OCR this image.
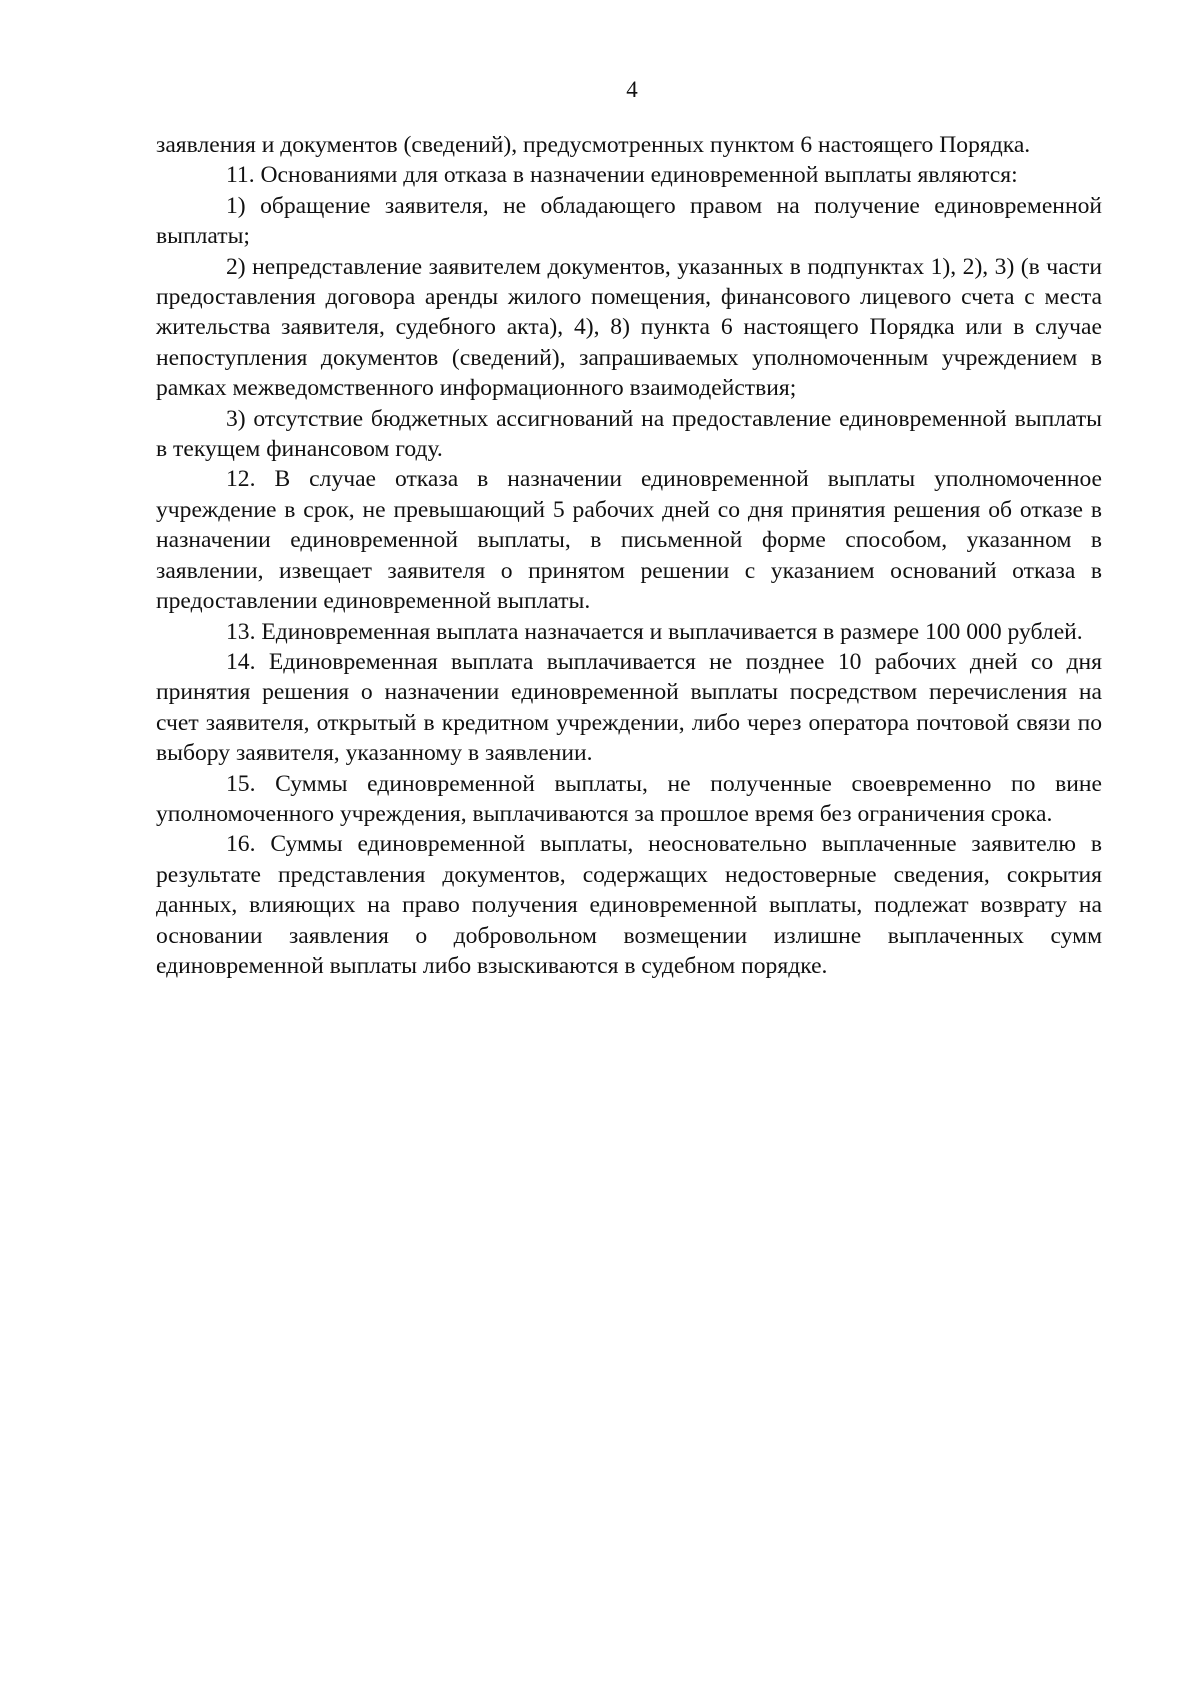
4

заявления и документов (сведений), предусмотренных пунктом 6 настоящего Порядка.

11. Основаниями для отказа в назначении единовременной выплаты являются:

1) обращение заявителя, не обладающего правом на получение единовременной выплаты;

2) непредставление заявителем документов, указанных в подпунктах 1), 2), 3) (в части предоставления договора аренды жилого помещения, финансового лицевого счета с места жительства заявителя, судебного акта), 4), 8) пункта 6 настоящего Порядка или в случае непоступления документов (сведений), запрашиваемых уполномоченным учреждением в рамках межведомственного информационного взаимодействия;

3) отсутствие бюджетных ассигнований на предоставление единовременной выплаты в текущем финансовом году.

12. В случае отказа в назначении единовременной выплаты уполномоченное учреждение в срок, не превышающий 5 рабочих дней со дня принятия решения об отказе в назначении единовременной выплаты, в письменной форме способом, указанном в заявлении, извещает заявителя о принятом решении с указанием оснований отказа в предоставлении единовременной выплаты.

13. Единовременная выплата назначается и выплачивается в размере 100 000 рублей.

14. Единовременная выплата выплачивается не позднее 10 рабочих дней со дня принятия решения о назначении единовременной выплаты посредством перечисления на счет заявителя, открытый в кредитном учреждении, либо через оператора почтовой связи по выбору заявителя, указанному в заявлении.

15. Суммы единовременной выплаты, не полученные своевременно по вине уполномоченного учреждения, выплачиваются за прошлое время без ограничения срока.

16. Суммы единовременной выплаты, неосновательно выплаченные заявителю в результате представления документов, содержащих недостоверные сведения, сокрытия данных, влияющих на право получения единовременной выплаты, подлежат возврату на основании заявления о добровольном возмещении излишне выплаченных сумм единовременной выплаты либо взыскиваются в судебном порядке.
